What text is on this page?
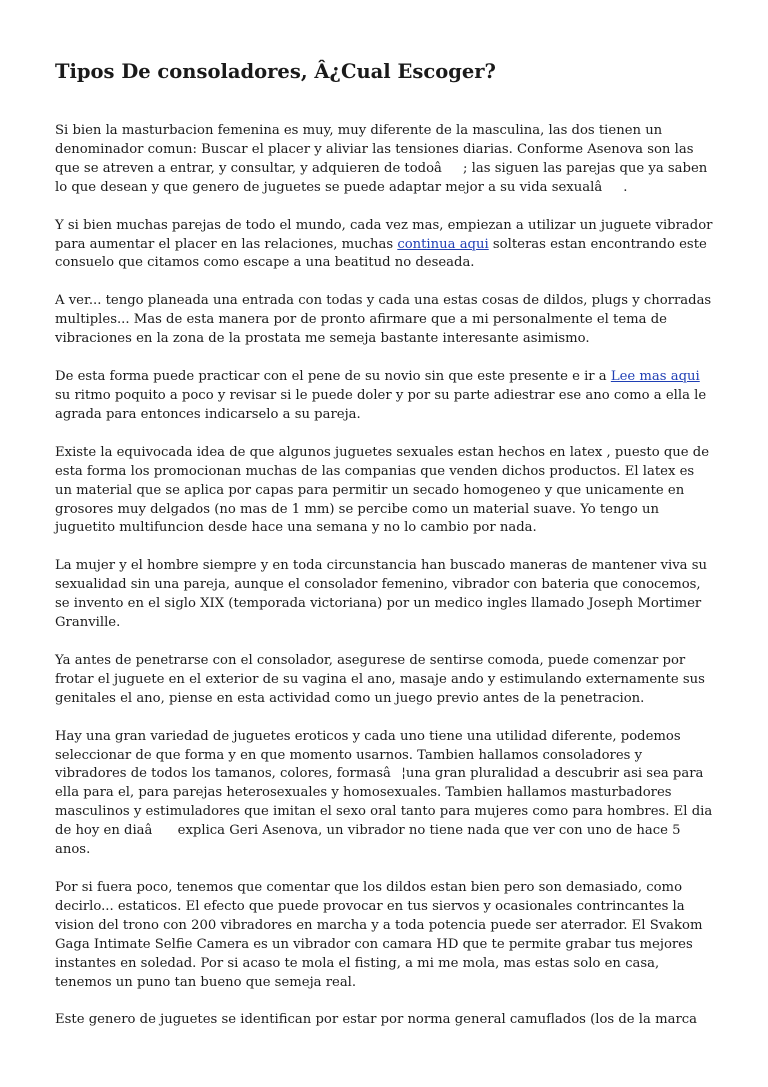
Tipos De consoladores, Â¿Cual Escoger?

Si bien la masturbacion femenina es muy, muy diferente de la masculina, las dos tienen un denominador comun: Buscar el placer y aliviar las tensiones diarias. Conforme Asenova son las que se atreven a entrar, y consultar, y adquieren de todoâ; las siguen las parejas que ya saben lo que desean y que genero de juguetes se puede adaptar mejor a su vida sexualâ.

Y si bien muchas parejas de todo el mundo, cada vez mas, empiezan a utilizar un juguete vibrador para aumentar el placer en las relaciones, muchas continua aqui solteras estan encontrando este consuelo que citamos como escape a una beatitud no deseada.

A ver... tengo planeada una entrada con todas y cada una estas cosas de dildos, plugs y chorradas multiples... Mas de esta manera por de pronto afirmare que a mi personalmente el tema de vibraciones en la zona de la prostata me semeja bastante interesante asimismo.

De esta forma puede practicar con el pene de su novio sin que este presente e ir a Lee mas aqui su ritmo poquito a poco y revisar si le puede doler y por su parte adiestrar ese ano como a ella le agrada para entonces indicarselo a su pareja.

Existe la equivocada idea de que algunos juguetes sexuales estan hechos en latex , puesto que de esta forma los promocionan muchas de las companias que venden dichos productos. El latex es un material que se aplica por capas para permitir un secado homogeneo y que unicamente en grosores muy delgados (no mas de 1 mm) se percibe como un material suave. Yo tengo un juguetito multifuncion desde hace una semana y no lo cambio por nada.

La mujer y el hombre siempre y en toda circunstancia han buscado maneras de mantener viva su sexualidad sin una pareja, aunque el consolador femenino, vibrador con bateria que conocemos, se invento en el siglo XIX (temporada victoriana) por un medico ingles llamado Joseph Mortimer Granville.

Ya antes de penetrarse con el consolador, asegurese de sentirse comoda, puede comenzar por frotar el juguete en el exterior de su vagina el ano, masaje ando y estimulando externamente sus genitales el ano, piense en esta actividad como un juego previo antes de la penetracion.

Hay una gran variedad de juguetes eroticos y cada uno tiene una utilidad diferente, podemos seleccionar de que forma y en que momento usarnos. Tambien hallamos consoladores y vibradores de todos los tamanos, colores, formasâ¦una gran pluralidad a descubrir asi sea para ella para el, para parejas heterosexuales y homosexuales. Tambien hallamos masturbadores masculinos y estimuladores que imitan el sexo oral tanto para mujeres como para hombres. El dia de hoy en diaâ explica Geri Asenova, un vibrador no tiene nada que ver con uno de hace 5 anos.

Por si fuera poco, tenemos que comentar que los dildos estan bien pero son demasiado, como decirlo... estaticos. El efecto que puede provocar en tus siervos y ocasionales contrincantes la vision del trono con 200 vibradores en marcha y a toda potencia puede ser aterrador. El Svakom Gaga Intimate Selfie Camera es un vibrador con camara HD que te permite grabar tus mejores instantes en soledad. Por si acaso te mola el fisting, a mi me mola, mas estas solo en casa, tenemos un puno tan bueno que semeja real.

Este genero de juguetes se identifican por estar por norma general camuflados (los de la marca
